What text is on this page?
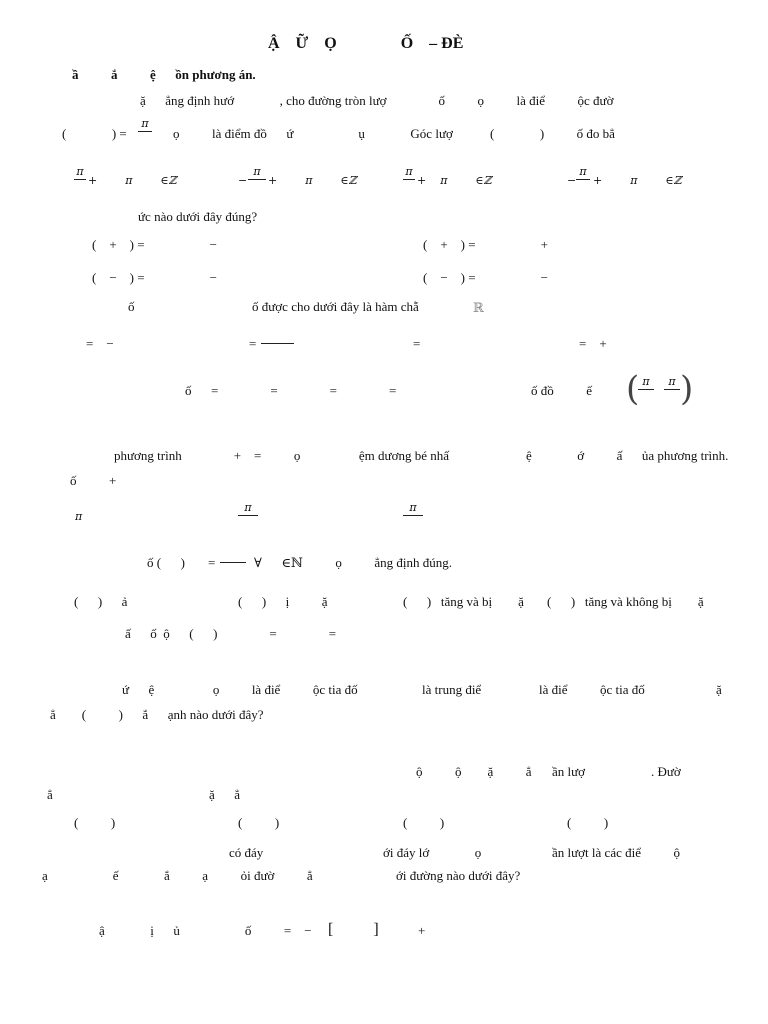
Ậ    Ữ    Ọ                Ố    – ĐÈ
ầ          ắ          ệ      ồn phương án.
ặ      ẳng định hướ              , cho đường tròn lượ                ố          ọ          là điể          ộc đườ
(              ) =
π
ọ          là điểm đồ      ứ                    ụ              Góc lượ	(              )          ố đo bẳ
π
+        π        ∈ℤ	−
π
+        π        ∈ℤ
π
+    π        ∈ℤ	−
π
+        π        ∈ℤ
ức nào dưới đây đúng?
(    +    ) =                    −	(    +    ) =                    +
(    −    ) =                    −	(    −    ) =                    −
ố	ố được cho dưới đây là hàm chẵ	ℝ
=    −	=	=	=    +
ố      =                =                =                =	ố đồ          ế ( π	π )
phương trình                +    =          ọ                  ệm dương bé nhấ	ệ              ớ          ấ      ủa phương trình.
ố          +
π
π	π
ố (      ) =	∀      ∈ℕ          ọ          ẳng định đúng.
(      )      ả	(      )      ị          ặ	(      )   tăng và bị        ặ (      )   tăng và không bị        ặ
ấ      ố  ộ      (      )                =                =
ứ      ệ                  ọ          là điể          ộc tia đố	là trung điể	là điể          ộc tia đố	ặ
ẳ        (          )      ắ      ạnh nào dưới đây?
ộ          ộ        ặ          ẳ ần lượ	. Đườ
ẳ	ặ      ẳ
(          )	(          )	(          )	(          )
có đáy	ới đáy lớ              ọ	ần lượt là các điể          ộ
ạ                    ế              ắ          ạ          ỏi đườ          ẳ	ới đường nào dưới đây?
ậ              ị      ủ                    ố          =    − [          ]	+
